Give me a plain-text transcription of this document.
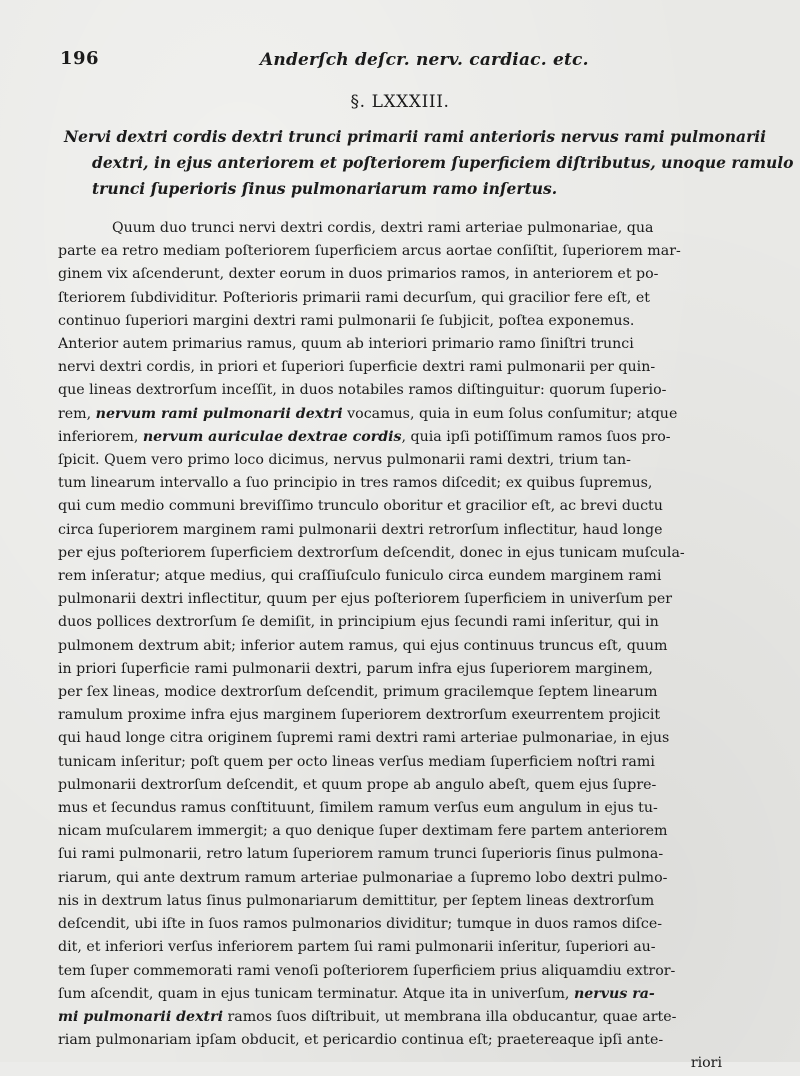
196	Anderſch deſcr. nerv. cardiac. etc.
§. LXXXIII.
Nervi dextri cordis dextri trunci primarii rami anterioris nervus rami pulmonarii
dextri, in ejus anteriorem et poſteriorem ſuperficiem diſtributus, unoque ramulo
trunci ſuperioris ſinus pulmonariarum ramo inſertus.
Quum duo trunci nervi dextri cordis, dextri rami arteriae pulmonariae, qua
parte ea retro mediam poſteriorem ſuperficiem arcus aortae conſiſtit, ſuperiorem mar-
ginem vix aſcenderunt, dexter eorum in duos primarios ramos, in anteriorem et po-
ſteriorem ſubdividitur. Poſterioris primarii rami decurſum, qui gracilior fere eſt, et
continuo ſuperiori margini dextri rami pulmonarii ſe ſubjicit, poſtea exponemus.
Anterior autem primarius ramus, quum ab interiori primario ramo ſiniſtri trunci
nervi dextri cordis, in priori et ſuperiori ſuperficie dextri rami pulmonarii per quin-
que lineas dextrorſum inceſſit, in duos notabiles ramos diſtinguitur: quorum ſuperio-
rem, nervum rami pulmonarii dextri vocamus, quia in eum ſolus conſumitur; atque
inferiorem, nervum auriculae dextrae cordis, quia ipſi potiſſimum ramos ſuos pro-
ſpicit. Quem vero primo loco dicimus, nervus pulmonarii rami dextri, trium tan-
tum linearum intervallo a ſuo principio in tres ramos diſcedit; ex quibus ſupremus,
qui cum medio communi breviſſimo trunculo oboritur et gracilior eſt, ac brevi ductu
circa ſuperiorem marginem rami pulmonarii dextri retrorſum inflectitur, haud longe
per ejus poſteriorem ſuperficiem dextrorſum deſcendit, donec in ejus tunicam muſcula-
rem inſeratur; atque medius, qui craſſiuſculo funiculo circa eundem marginem rami
pulmonarii dextri inflectitur, quum per ejus poſteriorem ſuperficiem in univerſum per
duos pollices dextrorſum ſe demiſit, in principium ejus ſecundi rami inſeritur, qui in
pulmonem dextrum abit; inferior autem ramus, qui ejus continuus truncus eſt, quum
in priori ſuperficie rami pulmonarii dextri, parum infra ejus ſuperiorem marginem,
per ſex lineas, modice dextrorſum deſcendit, primum gracilemque ſeptem linearum
ramulum proxime infra ejus marginem ſuperiorem dextrorſum exeurrentem projicit
qui haud longe citra originem ſupremi rami dextri rami arteriae pulmonariae, in ejus
tunicam inſeritur; poſt quem per octo lineas verſus mediam ſuperficiem noſtri rami
pulmonarii dextrorſum deſcendit, et quum prope ab angulo abeſt, quem ejus ſupre-
mus et ſecundus ramus conſtituunt, ſimilem ramum verſus eum angulum in ejus tu-
nicam muſcularem immergit; a quo denique ſuper dextimam fere partem anteriorem
ſui rami pulmonarii, retro latum ſuperiorem ramum trunci ſuperioris ſinus pulmona-
riarum, qui ante dextrum ramum arteriae pulmonariae a ſupremo lobo dextri pulmo-
nis in dextrum latus ſinus pulmonariarum demittitur, per ſeptem lineas dextrorſum
deſcendit, ubi iſte in ſuos ramos pulmonarios dividitur; tumque in duos ramos diſce-
dit, et inferiori verſus inferiorem partem ſui rami pulmonarii inſeritur, ſuperiori au-
tem ſuper commemorati rami venoſi poſteriorem ſuperficiem prius aliquamdiu extror-
ſum aſcendit, quam in ejus tunicam terminatur. Atque ita in univerſum, nervus ra-
mi pulmonarii dextri ramos ſuos diſtribuit, ut membrana illa obducantur, quae arte-
riam pulmonariam ipſam obducit, et pericardio continua eſt; praetereaque ipſi ante-
riori
